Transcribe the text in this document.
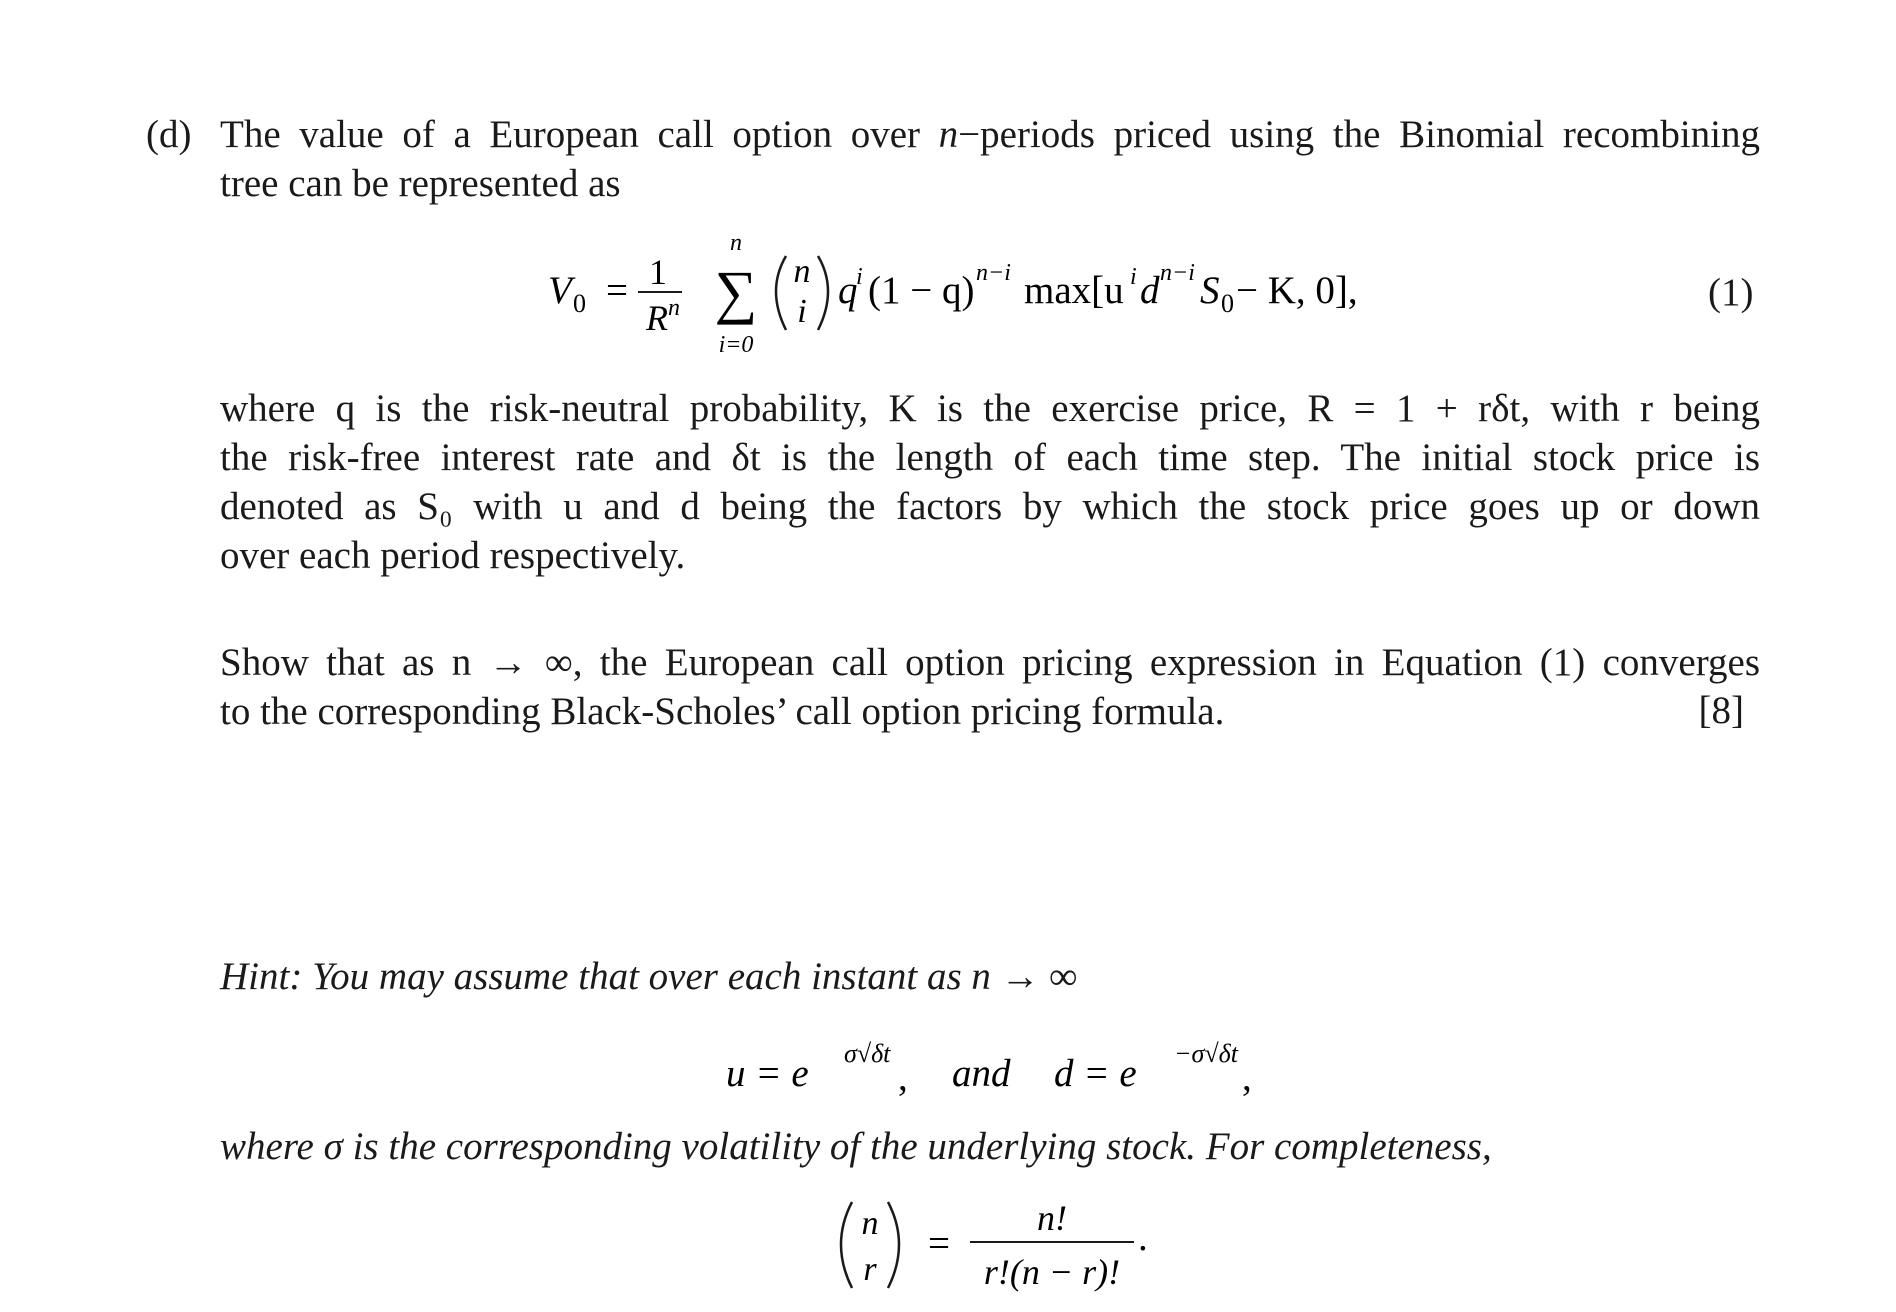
(d) The value of a European call option over n−periods priced using the Binomial recombining
tree can be represented as
V 0 = 1
R n
n
∑
i=0
n
i q
i (1 − q) n−i max[u i d n−i S 0 − K, 0],	(1)
where q is the risk-neutral probability, K is the exercise price, R = 1 + rδt, with r being
the risk-free interest rate and δt is the length of each time step. The initial stock price is
denoted as S₀ with u and d being the factors by which the stock price goes up or down
over each period respectively.
Show that as n → ∞, the European call option pricing expression in Equation (1) converges
to the corresponding Black-Scholes’ call option pricing formula.	[8]
Hint: You may assume that over each instant as n → ∞
u = e σ√δt
, and d = e −σ√δt
,
where σ is the corresponding volatility of the underlying stock. For completeness,
n
r
=
n!
r!(n − r)!
.
